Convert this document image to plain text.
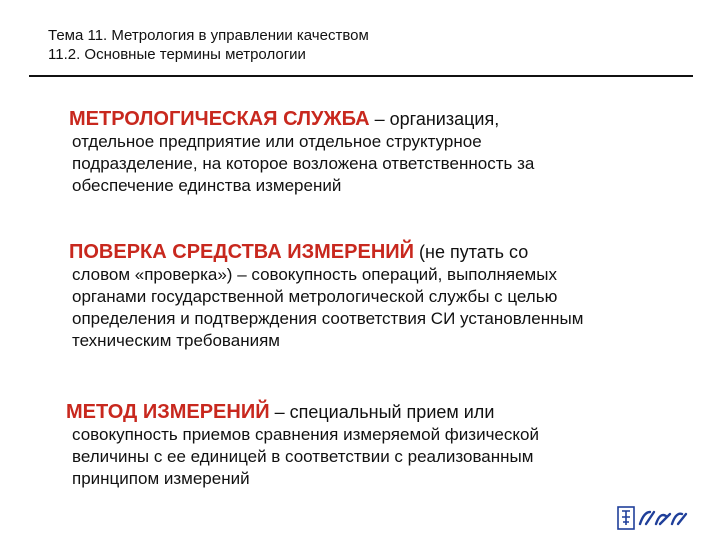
Тема 11. Метрология в управлении качеством
11.2. Основные термины метрологии
МЕТРОЛОГИЧЕСКАЯ СЛУЖБА – организация,
отдельное предприятие или отдельное структурное
подразделение, на которое возложена ответственность за
обеспечение единства измерений
ПОВЕРКА СРЕДСТВА ИЗМЕРЕНИЙ (не путать со
словом «проверка») – совокупность операций, выполняемых
органами государственной метрологической службы с целью
определения и подтверждения соответствия СИ установленным
техническим требованиям
МЕТОД ИЗМЕРЕНИЙ – специальный прием или
совокупность приемов сравнения измеряемой физической
величины с ее единицей в соответствии с реализованным
принципом измерений
